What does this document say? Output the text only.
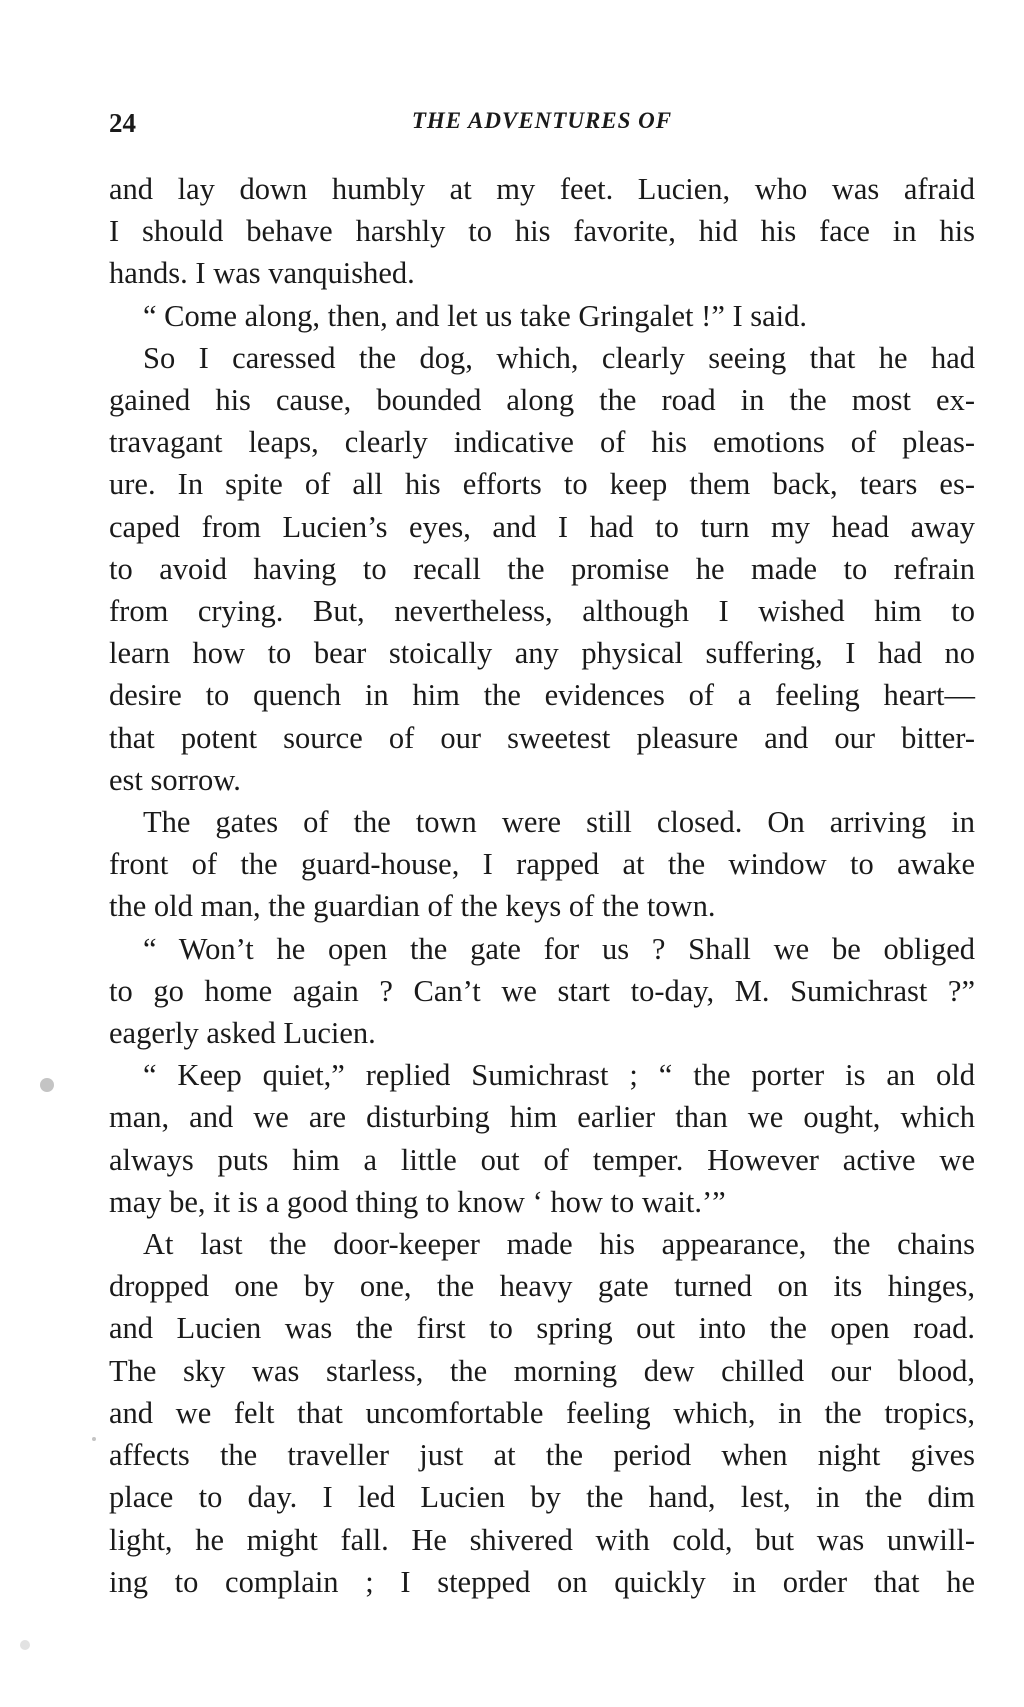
24	THE ADVENTURES OF
and lay down humbly at my feet. Lucien, who was afraid
I should behave harshly to his favorite, hid his face in his
hands. I was vanquished.
“ Come along, then, and let us take Gringalet !” I said.
So I caressed the dog, which, clearly seeing that he had
gained his cause, bounded along the road in the most ex-
travagant leaps, clearly indicative of his emotions of pleas-
ure. In spite of all his efforts to keep them back, tears es-
caped from Lucien’s eyes, and I had to turn my head away
to avoid having to recall the promise he made to refrain
from crying. But, nevertheless, although I wished him to
learn how to bear stoically any physical suffering, I had no
desire to quench in him the evidences of a feeling heart—
that potent source of our sweetest pleasure and our bitter-
est sorrow.
The gates of the town were still closed. On arriving in
front of the guard-house, I rapped at the window to awake
the old man, the guardian of the keys of the town.
“ Won’t he open the gate for us ? Shall we be obliged
to go home again ? Can’t we start to-day, M. Sumichrast ?”
eagerly asked Lucien.
“ Keep quiet,” replied Sumichrast ; “ the porter is an old
man, and we are disturbing him earlier than we ought, which
always puts him a little out of temper. However active we
may be, it is a good thing to know ‘ how to wait.’”
At last the door-keeper made his appearance, the chains
dropped one by one, the heavy gate turned on its hinges,
and Lucien was the first to spring out into the open road.
The sky was starless, the morning dew chilled our blood,
and we felt that uncomfortable feeling which, in the tropics,
affects the traveller just at the period when night gives
place to day. I led Lucien by the hand, lest, in the dim
light, he might fall. He shivered with cold, but was unwill-
ing to complain ; I stepped on quickly in order that he
